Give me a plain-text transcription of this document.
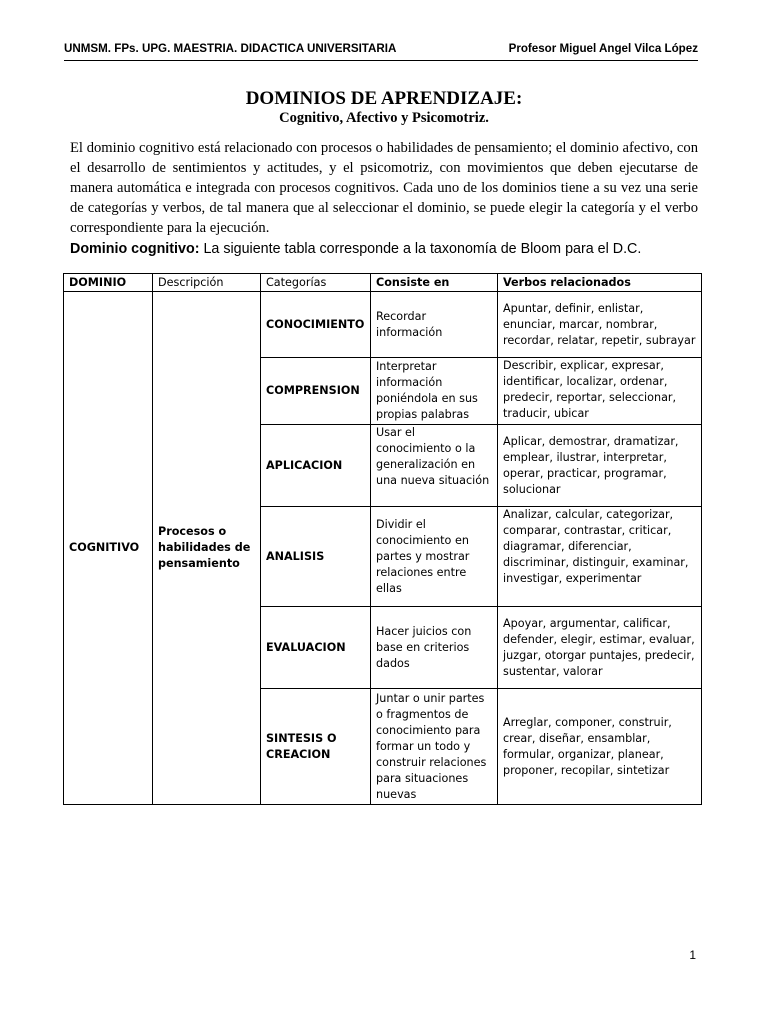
UNMSM. FPs. UPG. MAESTRIA. DIDACTICA UNIVERSITARIA	Profesor Miguel Angel Vilca López
DOMINIOS DE APRENDIZAJE:
Cognitivo, Afectivo y Psicomotriz.

El dominio cognitivo está relacionado con procesos o habilidades de pensamiento; el dominio afectivo, con el desarrollo de sentimientos y actitudes, y el psicomotriz, con movimientos que deben ejecutarse de manera automática e integrada con procesos cognitivos. Cada uno de los dominios tiene a su vez una serie de categorías y verbos, de tal manera que al seleccionar el dominio, se puede elegir la categoría y el verbo correspondiente para la ejecución.

Dominio cognitivo: La siguiente tabla corresponde a la taxonomía de Bloom para el D.C.
DOMINIO	Descripción	Categorías	Consiste en	Verbos relacionados
COGNITIVO	Procesos o habilidades de pensamiento	CONOCIMIENTO	Recordar información	Apuntar, definir, enlistar, enunciar, marcar, nombrar, recordar, relatar, repetir, subrayar
		COMPRENSION	Interpretar información poniéndola en sus propias palabras	Describir, explicar, expresar, identificar, localizar, ordenar, predecir, reportar, seleccionar, traducir, ubicar
		APLICACION	Usar el conocimiento o la generalización en una nueva situación	Aplicar, demostrar, dramatizar, emplear, ilustrar, interpretar, operar, practicar, programar, solucionar
		ANALISIS	Dividir el conocimiento en partes y mostrar relaciones entre ellas	Analizar, calcular, categorizar, comparar, contrastar, criticar, diagramar, diferenciar, discriminar, distinguir, examinar, investigar, experimentar
		EVALUACION	Hacer juicios con base en criterios dados	Apoyar, argumentar, calificar, defender, elegir, estimar, evaluar, juzgar, otorgar puntajes, predecir, sustentar, valorar
		SINTESIS O CREACION	Juntar o unir partes o fragmentos de conocimiento para formar un todo y construir relaciones para situaciones nuevas	Arreglar, componer, construir, crear, diseñar, ensamblar, formular, organizar, planear, proponer, recopilar, sintetizar
1
